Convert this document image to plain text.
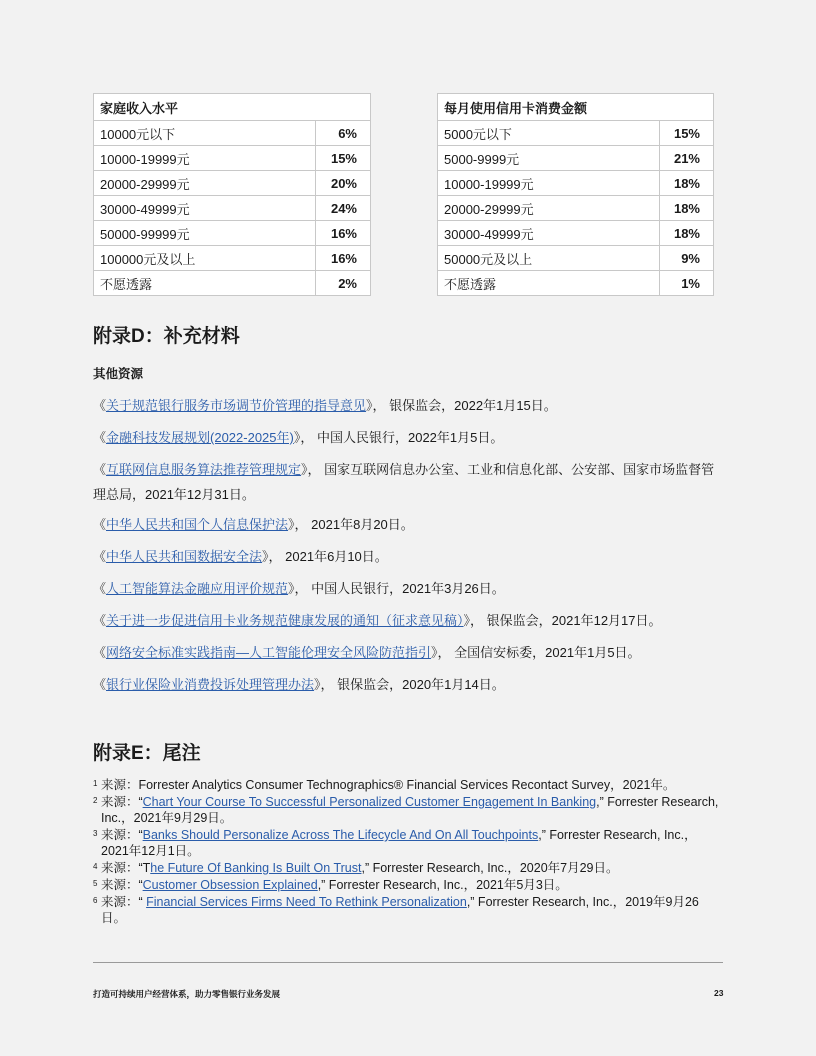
家庭收入水平	
10000元以下	6%
10000-19999元	15%
20000-29999元	20%
30000-49999元	24%
50000-99999元	16%
100000元及以上	16%
不愿透露	2%
每月使用信用卡消费金额	
5000元以下	15%
5000-9999元	21%
10000-19999元	18%
20000-29999元	18%
30000-49999元	18%
50000元及以上	9%
不愿透露	1%
附录D：补充材料
其他资源
《关于规范银行服务市场调节价管理的指导意见》， 银保监会，2022年1月15日。
《金融科技发展规划(2022-2025年)》， 中国人民银行，2022年1月5日。
《互联网信息服务算法推荐管理规定》， 国家互联网信息办公室、工业和信息化部、公安部、国家市场监督管理总局，2021年12月31日。
《中华人民共和国个人信息保护法》， 2021年8月20日。
《中华人民共和国数据安全法》， 2021年6月10日。
《人工智能算法金融应用评价规范》， 中国人民银行，2021年3月26日。
《关于进一步促进信用卡业务规范健康发展的通知（征求意见稿）》， 银保监会，2021年12月17日。
《网络安全标准实践指南—人工智能伦理安全风险防范指引》， 全国信安标委，2021年1月5日。
《银行业保险业消费投诉处理管理办法》， 银保监会，2020年1月14日。
附录E：尾注
$^1$ 来源：Forrester Analytics Consumer Technographics® Financial Services Recontact Survey，2021年。
$^2$ 来源：“Chart Your Course To Successful Personalized Customer Engagement In Banking,” Forrester Research, Inc.，2021年9月29日。
$^3$ 来源：“Banks Should Personalize Across The Lifecycle And On All Touchpoints,” Forrester Research, Inc.，2021年12月1日。
$^4$ 来源：“The Future Of Banking Is Built On Trust,” Forrester Research, Inc.，2020年7月29日。
$^5$ 来源：“Customer Obsession Explained,” Forrester Research, Inc.，2021年5月3日。
$^6$ 来源：“ Financial Services Firms Need To Rethink Personalization,” Forrester Research, Inc.，2019年9月26日。
打造可持续用户经营体系，助力零售银行业务发展	23
